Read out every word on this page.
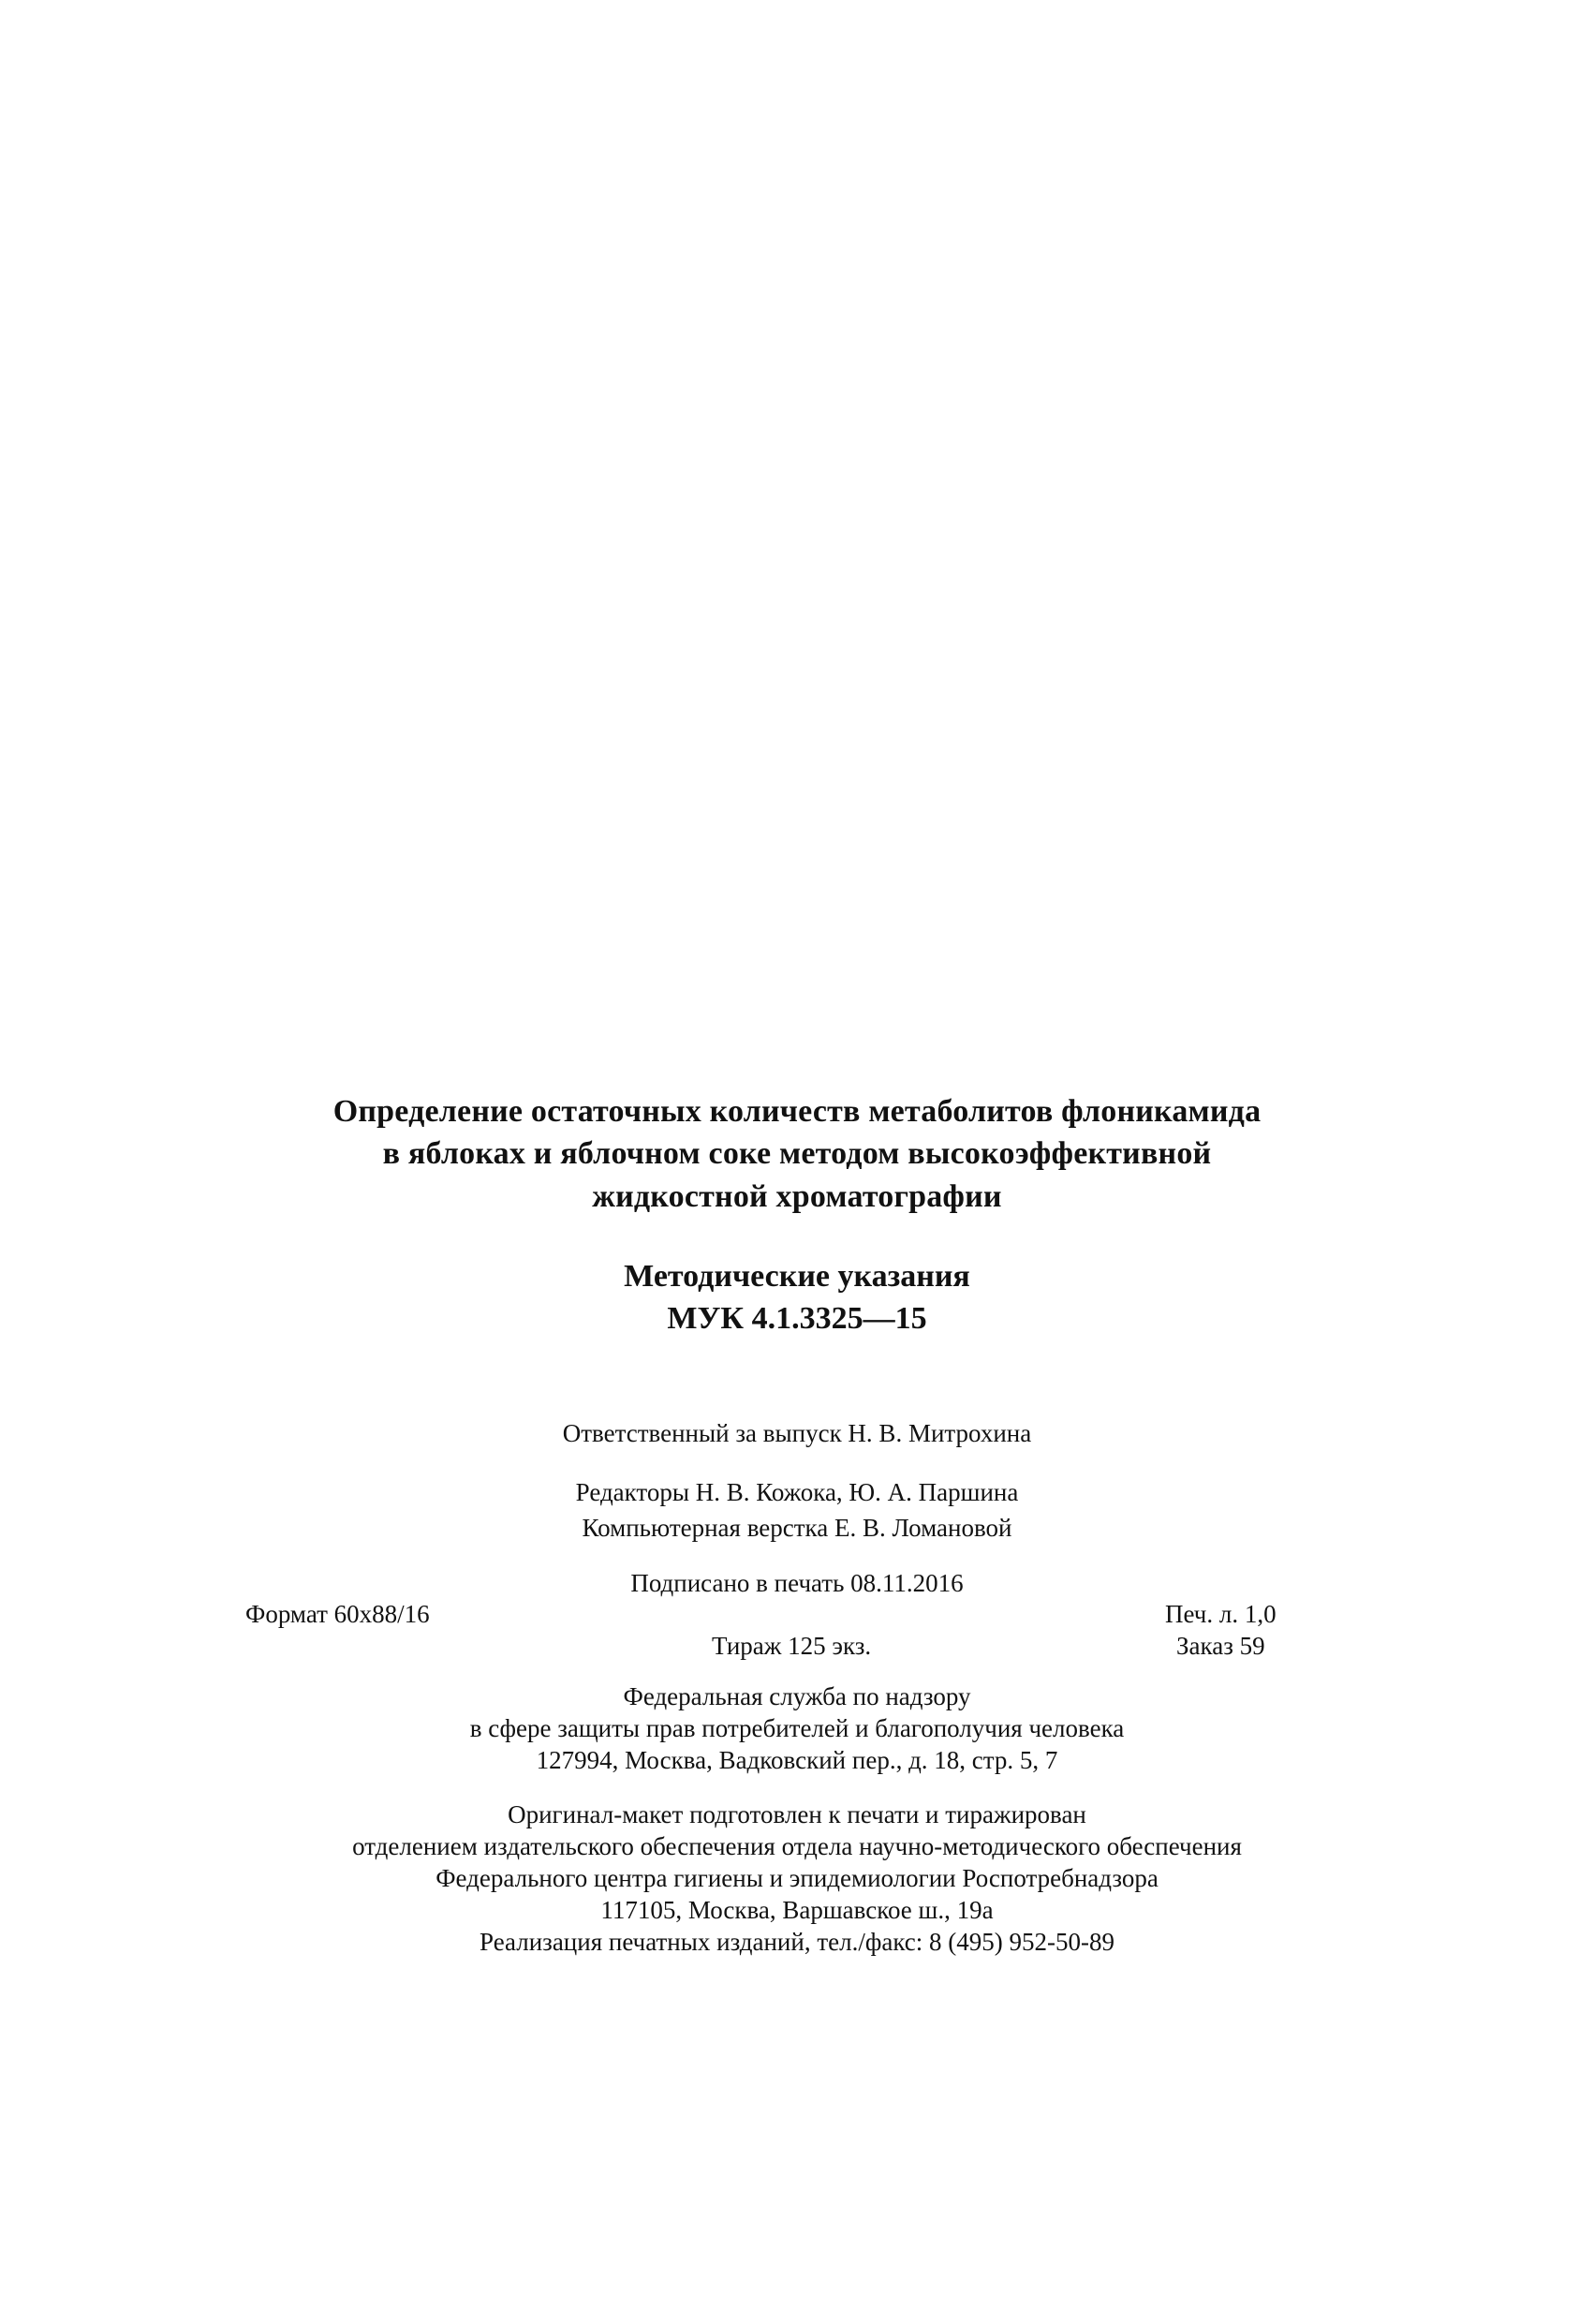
Определение остаточных количеств метаболитов флоникамида

в яблоках и яблочном соке методом высокоэффективной

жидкостной хроматографии

Методические указания

МУК 4.1.3325—15

Ответственный за выпуск Н. В. Митрохина

Редакторы Н. В. Кожока, Ю. А. Паршина

Компьютерная верстка Е. В. Ломановой

Подписано в печать 08.11.2016

Формат 60x88/16	Печ. л. 1,0
Тираж 125 экз.	Заказ 59

Федеральная служба по надзору

в сфере защиты прав потребителей и благополучия человека

127994, Москва, Вадковский пер., д. 18, стр. 5, 7

Оригинал-макет подготовлен к печати и тиражирован

отделением издательского обеспечения отдела научно-методического обеспечения

Федерального центра гигиены и эпидемиологии Роспотребнадзора

117105, Москва, Варшавское ш., 19а

Реализация печатных изданий, тел./факс: 8 (495) 952-50-89
